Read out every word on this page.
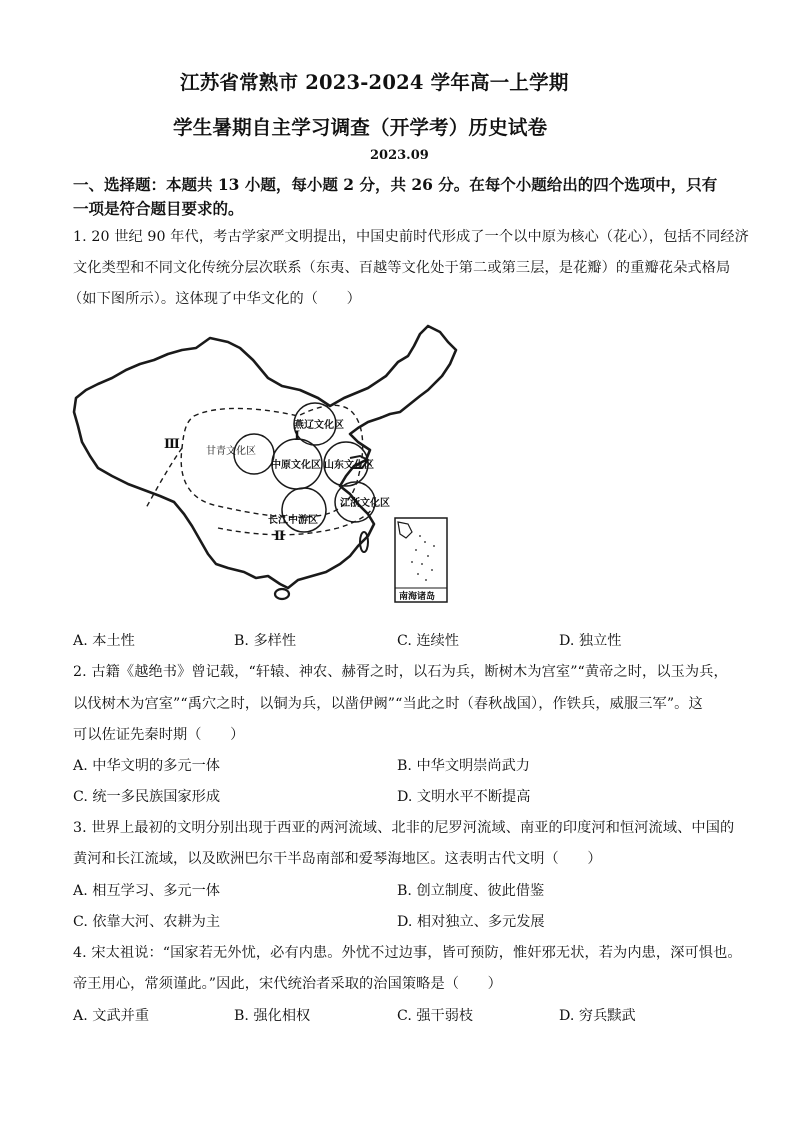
江苏省常熟市 2023-2024 学年高一上学期
学生暑期自主学习调查（开学考）历史试卷
2023.09
一、选择题：本题共 13 小题，每小题 2 分，共 26 分。在每个小题给出的四个选项中，只有
一项是符合题目要求的。
1. 20 世纪 90 年代，考古学家严文明提出，中国史前时代形成了一个以中原为核心（花心），包括不同经济
文化类型和不同文化传统分层次联系（东夷、百越等文化处于第二或第三层，是花瓣）的重瓣花朵式格局
（如下图所示）。这体现了中华文化的（　　）
燕辽文化区
甘青文化区
中原文化区 山东文化区
江浙文化区
长江中游区
Ⅰ
Ⅱ
Ⅲ
南海诸岛
A. 本土性	B. 多样性	C. 连续性	D. 独立性
2. 古籍《越绝书》曾记载，“轩辕、神农、赫胥之时，以石为兵，断树木为宫室”“黄帝之时，以玉为兵，
以伐树木为宫室”“禹穴之时，以铜为兵，以凿伊阙”“当此之时（春秋战国），作铁兵，威服三军”。这
可以佐证先秦时期（　　）
A. 中华文明的多元一体	B. 中华文明崇尚武力
C. 统一多民族国家形成	D. 文明水平不断提高
3. 世界上最初的文明分别出现于西亚的两河流域、北非的尼罗河流域、南亚的印度河和恒河流域、中国的
黄河和长江流域，以及欧洲巴尔干半岛南部和爱琴海地区。这表明古代文明（　　）
A. 相互学习、多元一体	B. 创立制度、彼此借鉴
C. 依靠大河、农耕为主	D. 相对独立、多元发展
4. 宋太祖说：“国家若无外忧，必有内患。外忧不过边事，皆可预防，惟奸邪无状，若为内患，深可惧也。
帝王用心，常须谨此。”因此，宋代统治者采取的治国策略是（　　）
A. 文武并重	B. 强化相权	C. 强干弱枝	D. 穷兵黩武
